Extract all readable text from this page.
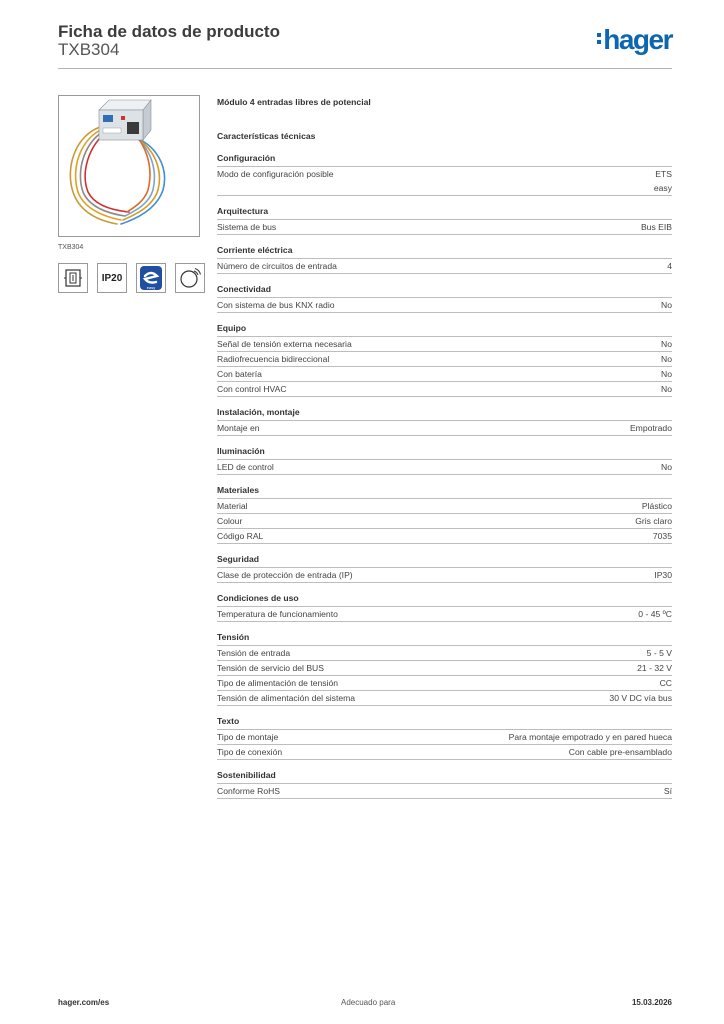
Ficha de datos de producto
TXB304	hager
TXB304
IP20
easy
Módulo 4 entradas libres de potencial
Características técnicas
Configuración
Modo de configuración posible	ETS
easy
Arquitectura
Sistema de bus	Bus EIB
Corriente eléctrica
Número de circuitos de entrada	4
Conectividad
Con sistema de bus KNX radio	No
Equipo
Señal de tensión externa necesaria	No
Radiofrecuencia bidireccional	No
Con batería	No
Con control HVAC	No
Instalación, montaje
Montaje en	Empotrado
Iluminación
LED de control	No
Materiales
Material	Plástico
Colour	Gris claro
Código RAL	7035
Seguridad
Clase de protección de entrada (IP)	IP30
Condiciones de uso
Temperatura de funcionamiento	0 - 45 ºC
Tensión
Tensión de entrada	5 - 5 V
Tensión de servicio del BUS	21 - 32 V
Tipo de alimentación de tensión	CC
Tensión de alimentación del sistema	30 V DC vía bus
Texto
Tipo de montaje	Para montaje empotrado y en pared hueca
Tipo de conexión	Con cable pre-ensamblado
Sostenibilidad
Conforme RoHS	Sí
hager.com/es	Adecuado para	15.03.2026
